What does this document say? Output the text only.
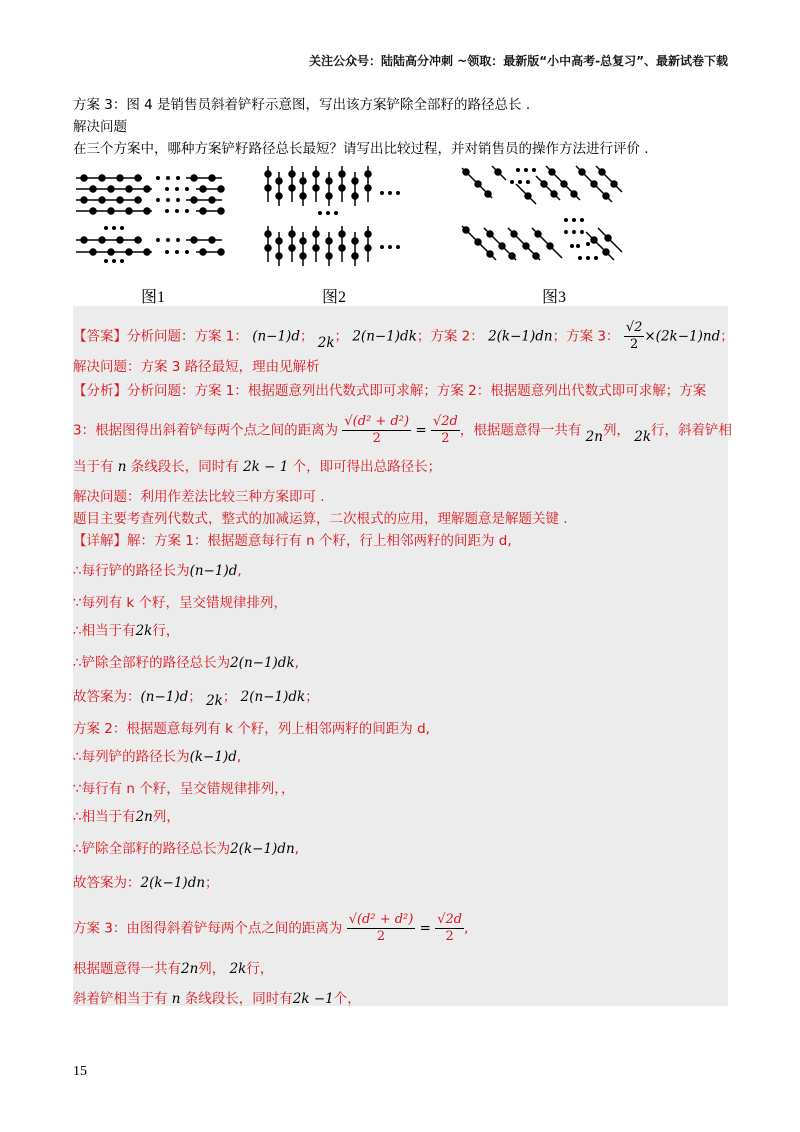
关注公众号：陆陆高分冲刺 ~领取：最新版“小中高考-总复习”、最新试卷下载
方案 3：图 4 是销售员斜着铲籽示意图，写出该方案铲除全部籽的路径总长 .
解决问题
在三个方案中，哪种方案铲籽路径总长最短？请写出比较过程，并对销售员的操作方法进行评价 .
图1	图2	图3
【答案】分析问题：方案 1： (n−1)d； 2k； 2(n−1)dk；方案 2： 2(k−1)dn；方案 3： $\frac{√2}{2} \times(2k-1)nd$；
解决问题：方案 3 路径最短，理由见解析
【分析】分析问题：方案 1：根据题意列出代数式即可求解；方案 2：根据题意列出代数式即可求解；方案
3：根据图得出斜着铲每两个点之间的距离为 $\frac{\text{√(d² + d²)}}{2} = \frac{√2d}{2}$ ，根据题意得一共有 2n列， 2k行，斜着铲相
当于有 n 条线段长，同时有 2k − 1 个，即可得出总路径长；
解决问题：利用作差法比较三种方案即可 .
题目主要考查列代数式，整式的加减运算，二次根式的应用，理解题意是解题关键 .
【详解】解：方案 1：根据题意每行有 n 个籽，行上相邻两籽的间距为 d,
∴每行铲的路径长为(n−1)d,
∵每列有 k 个籽，呈交错规律排列，
∴相当于有2k行，
∴铲除全部籽的路径总长为2(n−1)dk,
故答案为：(n−1)d； 2k； 2(n−1)dk；
方案 2：根据题意每列有 k 个籽，列上相邻两籽的间距为 d,
∴每列铲的路径长为(k−1)d,
∵每行有 n 个籽，呈交错规律排列，，
∴相当于有2n列，
∴铲除全部籽的路径总长为2(k−1)dn,
故答案为：2(k−1)dn；
方案 3：由图得斜着铲每两个点之间的距离为 $\frac{\text{√(d² + d²)}}{2} = \frac{√2d}{2}$ ,
根据题意得一共有2n列， 2k行，
斜着铲相当于有 n 条线段长，同时有2k −1个，
15
